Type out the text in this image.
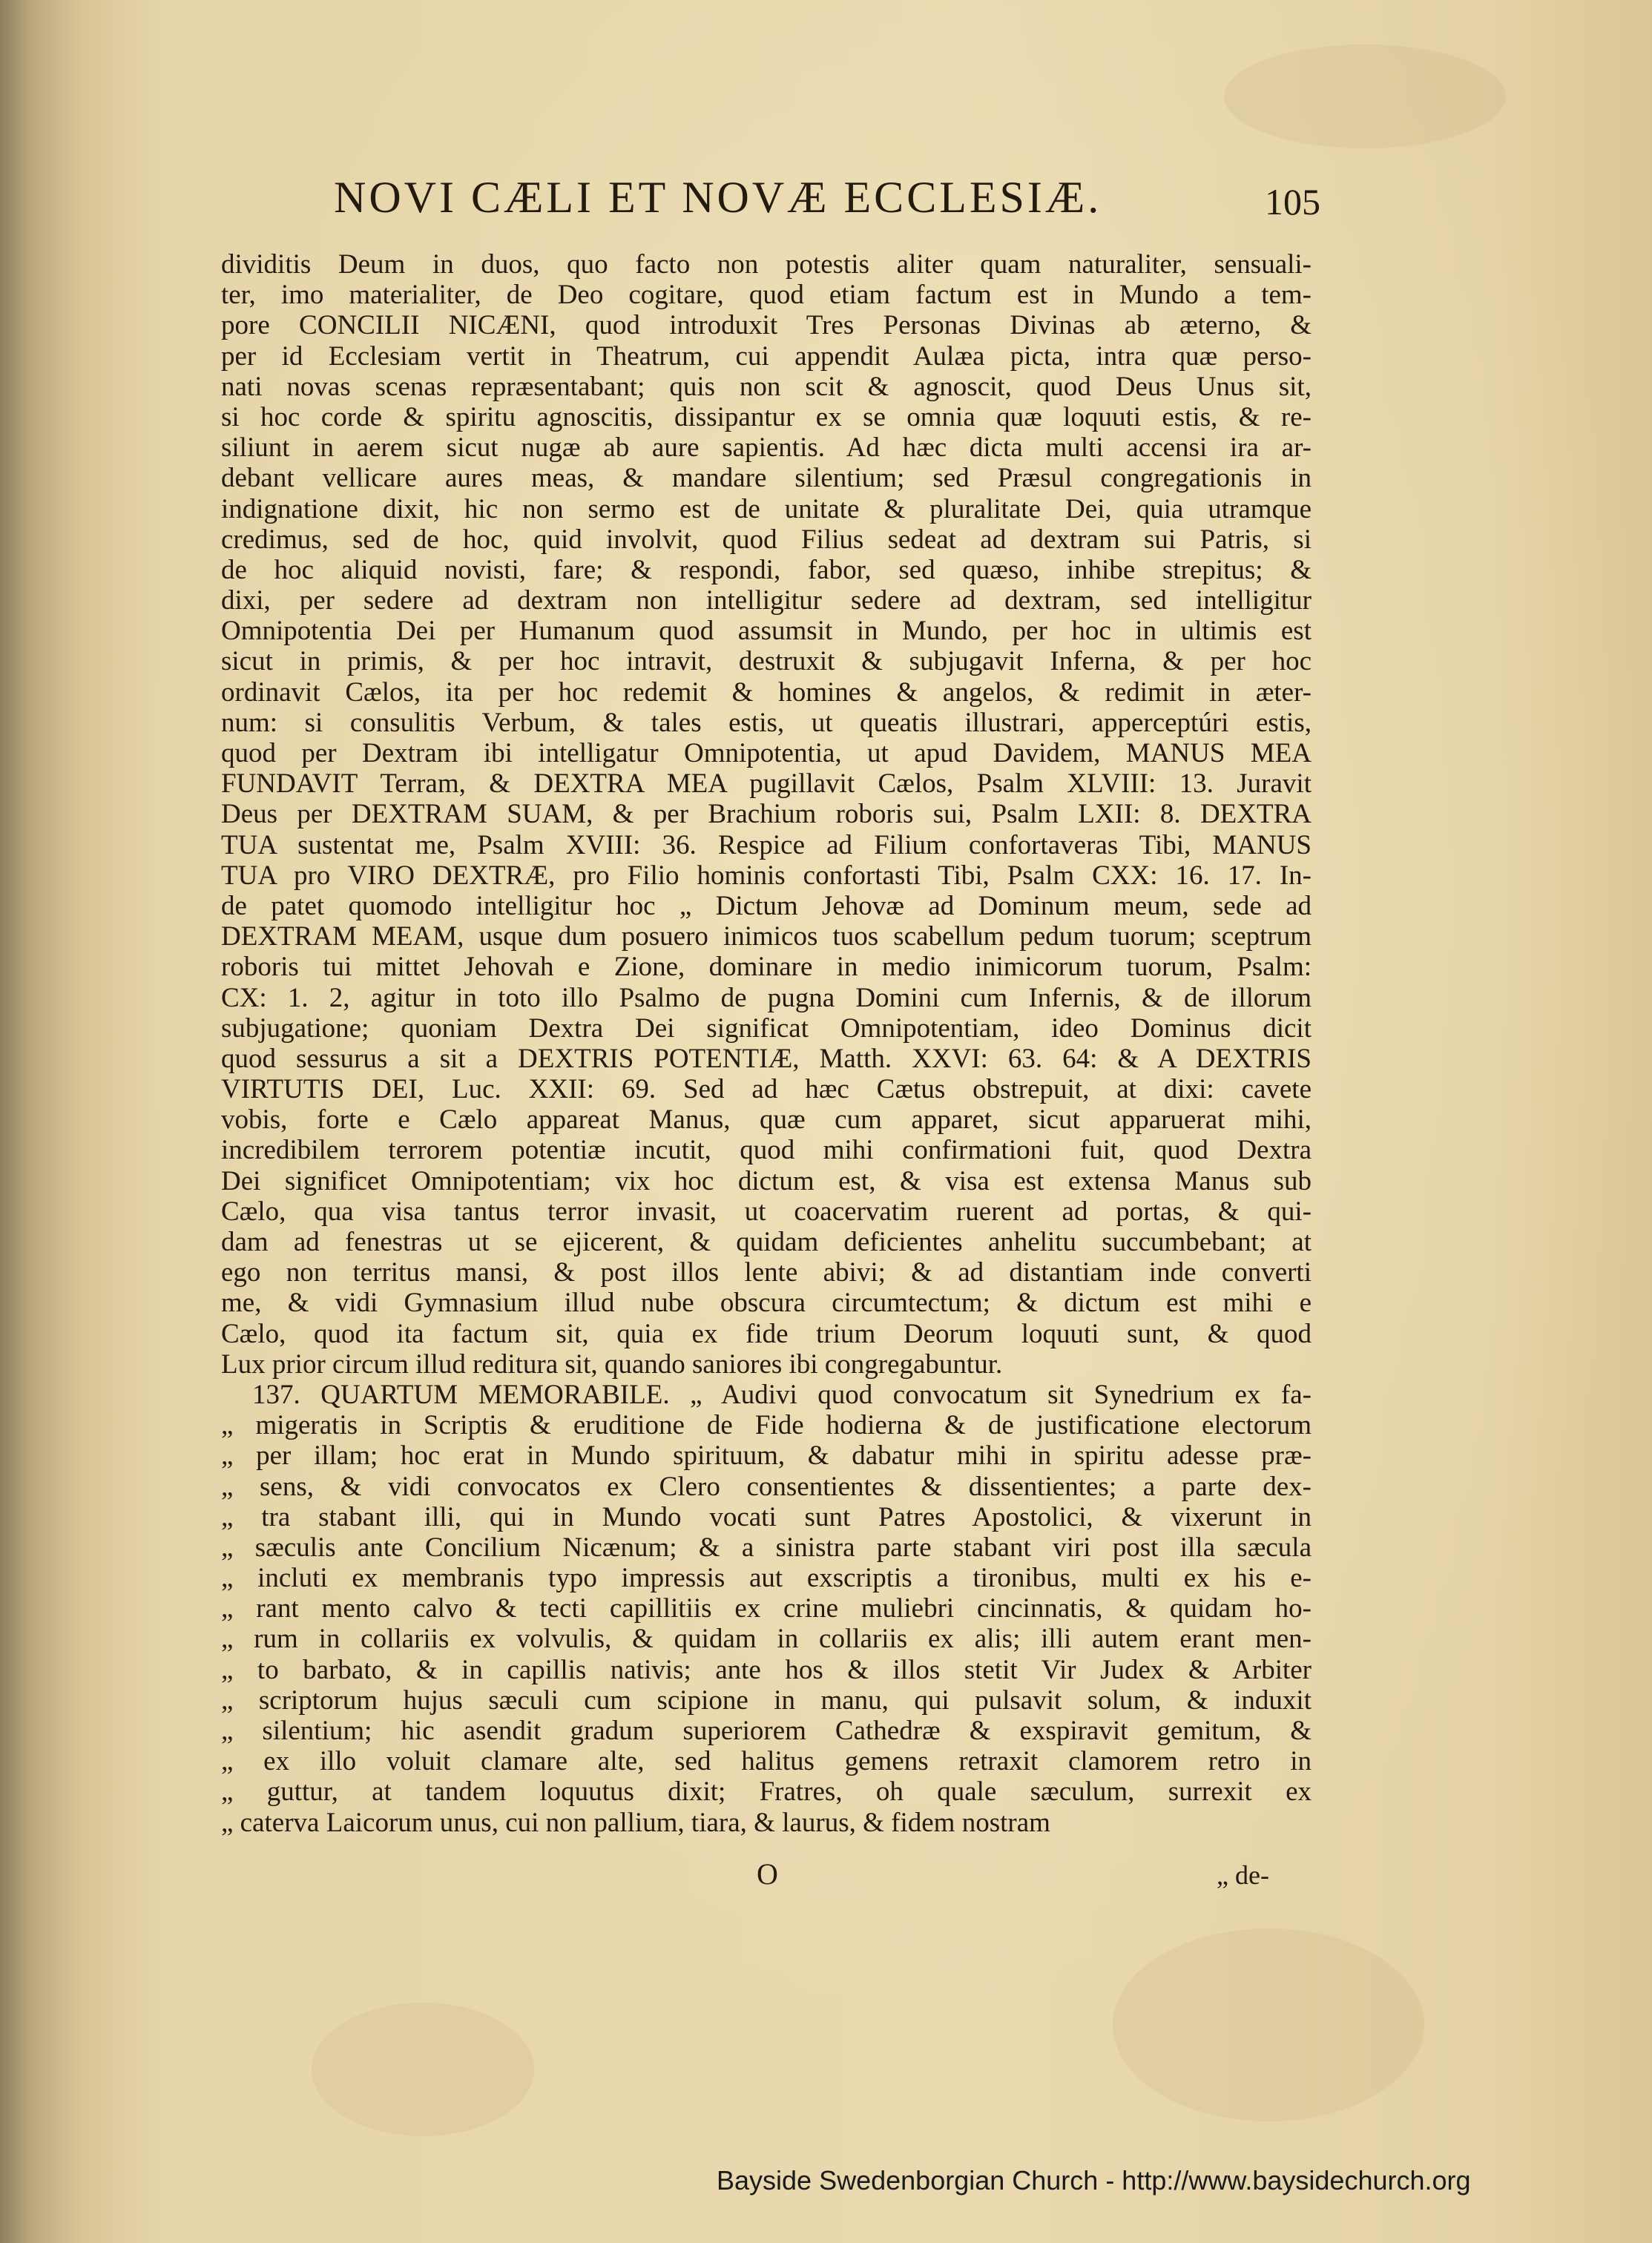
NOVI CÆLI ET NOVÆ ECCLESIÆ.	105
dividitis Deum in duos, quo facto non potestis aliter quam naturaliter, sensuali-
ter, imo materialiter, de Deo cogitare, quod etiam factum est in Mundo a tem-
pore CONCILII NICÆNI, quod introduxit Tres Personas Divinas ab æterno, &
per id Ecclesiam vertit in Theatrum, cui appendit Aulæa picta, intra quæ perso-
nati novas scenas repræsentabant; quis non scit & agnoscit, quod Deus Unus sit,
si hoc corde & spiritu agnoscitis, dissipantur ex se omnia quæ loquuti estis, & re-
siliunt in aerem sicut nugæ ab aure sapientis. Ad hæc dicta multi accensi ira ar-
debant vellicare aures meas, & mandare silentium; sed Præsul congregationis in
indignatione dixit, hic non sermo est de unitate & pluralitate Dei, quia utramque
credimus, sed de hoc, quid involvit, quod Filius sedeat ad dextram sui Patris, si
de hoc aliquid novisti, fare; & respondi, fabor, sed quæso, inhibe strepitus; &
dixi, per sedere ad dextram non intelligitur sedere ad dextram, sed intelligitur
Omnipotentia Dei per Humanum quod assumsit in Mundo, per hoc in ultimis est
sicut in primis, & per hoc intravit, destruxit & subjugavit Inferna, & per hoc
ordinavit Cælos, ita per hoc redemit & homines & angelos, & redimit in æter-
num: si consulitis Verbum, & tales estis, ut queatis illustrari, apperceptúri estis,
quod per Dextram ibi intelligatur Omnipotentia, ut apud Davidem, MANUS MEA
FUNDAVIT Terram, & DEXTRA MEA pugillavit Cælos, Psalm XLVIII: 13. Juravit
Deus per DEXTRAM SUAM, & per Brachium roboris sui, Psalm LXII: 8. DEXTRA
TUA sustentat me, Psalm XVIII: 36. Respice ad Filium confortaveras Tibi, MANUS
TUA pro VIRO DEXTRÆ, pro Filio hominis confortasti Tibi, Psalm CXX: 16. 17. In-
de patet quomodo intelligitur hoc „ Dictum Jehovæ ad Dominum meum, sede ad
DEXTRAM MEAM, usque dum posuero inimicos tuos scabellum pedum tuorum; sceptrum
roboris tui mittet Jehovah e Zione, dominare in medio inimicorum tuorum, Psalm:
CX: 1. 2, agitur in toto illo Psalmo de pugna Domini cum Infernis, & de illorum
subjugatione; quoniam Dextra Dei significat Omnipotentiam, ideo Dominus dicit
quod sessurus a sit a DEXTRIS POTENTIÆ, Matth. XXVI: 63. 64: & A DEXTRIS
VIRTUTIS DEI, Luc. XXII: 69. Sed ad hæc Cætus obstrepuit, at dixi: cavete
vobis, forte e Cælo appareat Manus, quæ cum apparet, sicut apparuerat mihi,
incredibilem terrorem potentiæ incutit, quod mihi confirmationi fuit, quod Dextra
Dei significet Omnipotentiam; vix hoc dictum est, & visa est extensa Manus sub
Cælo, qua visa tantus terror invasit, ut coacervatim ruerent ad portas, & qui-
dam ad fenestras ut se ejicerent, & quidam deficientes anhelitu succumbebant; at
ego non territus mansi, & post illos lente abivi; & ad distantiam inde converti
me, & vidi Gymnasium illud nube obscura circumtectum; & dictum est mihi e
Cælo, quod ita factum sit, quia ex fide trium Deorum loquuti sunt, & quod
Lux prior circum illud reditura sit, quando saniores ibi congregabuntur.
137. QUARTUM MEMORABILE. „ Audivi quod convocatum sit Synedrium ex fa-
„ migeratis in Scriptis & eruditione de Fide hodierna & de justificatione electorum
„ per illam; hoc erat in Mundo spirituum, & dabatur mihi in spiritu adesse præ-
„ sens, & vidi convocatos ex Clero consentientes & dissentientes; a parte dex-
„ tra stabant illi, qui in Mundo vocati sunt Patres Apostolici, & vixerunt in
„ sæculis ante Concilium Nicænum; & a sinistra parte stabant viri post illa sæcula
„ incluti ex membranis typo impressis aut exscriptis a tironibus, multi ex his e-
„ rant mento calvo & tecti capillitiis ex crine muliebri cincinnatis, & quidam ho-
„ rum in collariis ex volvulis, & quidam in collariis ex alis; illi autem erant men-
„ to barbato, & in capillis nativis; ante hos & illos stetit Vir Judex & Arbiter
„ scriptorum hujus sæculi cum scipione in manu, qui pulsavit solum, & induxit
„ silentium; hic asendit gradum superiorem Cathedræ & exspiravit gemitum, &
„ ex illo voluit clamare alte, sed halitus gemens retraxit clamorem retro in
„ guttur, at tandem loquutus dixit; Fratres, oh quale sæculum, surrexit ex
„ caterva Laicorum unus, cui non pallium, tiara, & laurus, & fidem nostram
O	„ de-
Bayside Swedenborgian Church - http://www.baysidechurch.org
